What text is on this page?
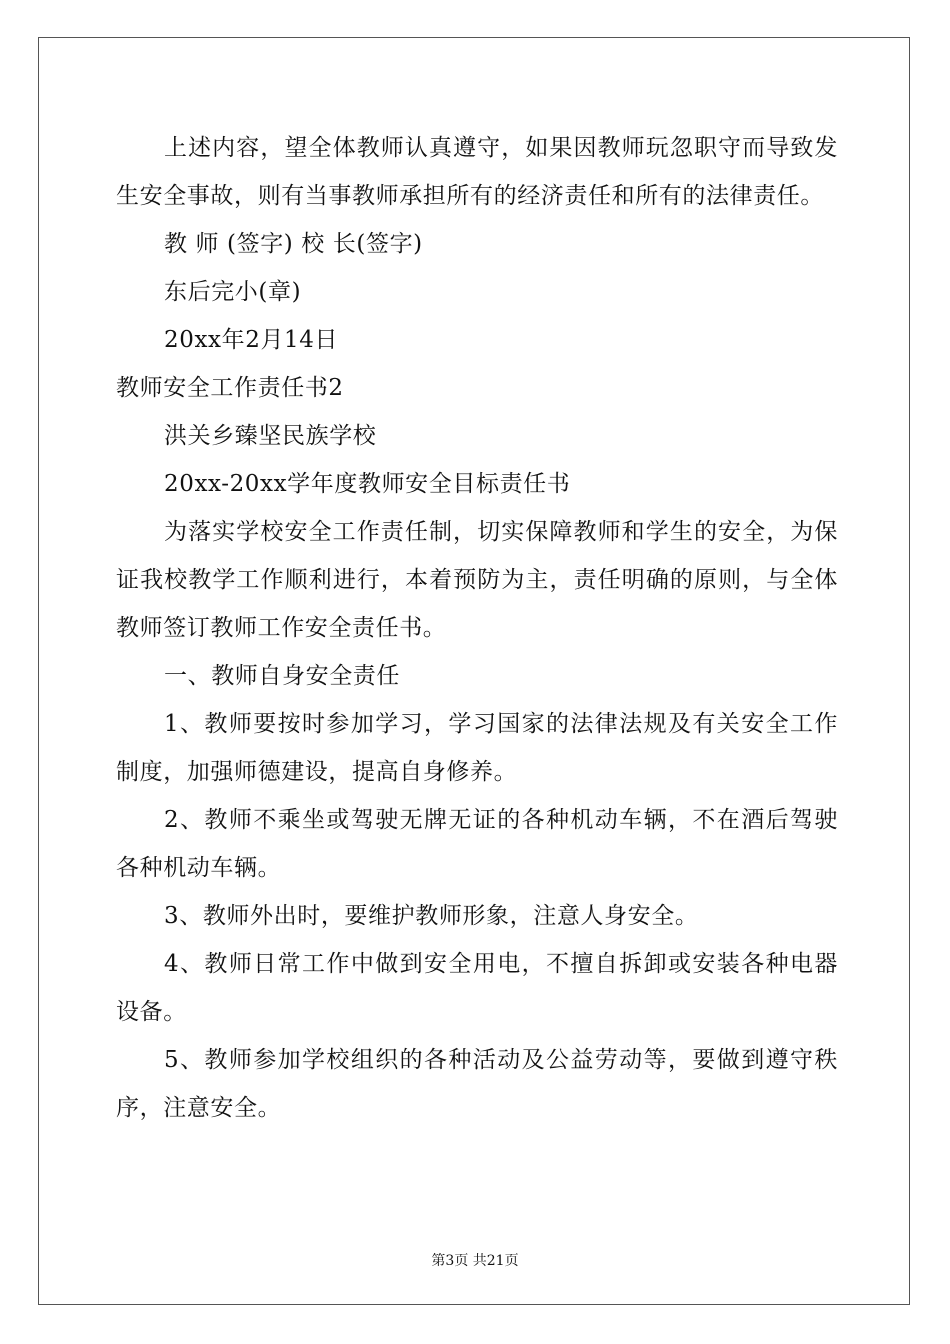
上述内容，望全体教师认真遵守，如果因教师玩忽职守而导致发生安全事故，则有当事教师承担所有的经济责任和所有的法律责任。

教 师 (签字) 校 长(签字)

东后完小(章)

20xx年2月14日

教师安全工作责任书2

洪关乡臻坚民族学校

20xx-20xx学年度教师安全目标责任书

为落实学校安全工作责任制，切实保障教师和学生的安全，为保证我校教学工作顺利进行，本着预防为主，责任明确的原则，与全体教师签订教师工作安全责任书。

一、教师自身安全责任

1、教师要按时参加学习，学习国家的法律法规及有关安全工作制度，加强师德建设，提高自身修养。

2、教师不乘坐或驾驶无牌无证的各种机动车辆，不在酒后驾驶各种机动车辆。

3、教师外出时，要维护教师形象，注意人身安全。

4、教师日常工作中做到安全用电，不擅自拆卸或安装各种电器设备。

5、教师参加学校组织的各种活动及公益劳动等，要做到遵守秩序，注意安全。

第3页 共21页
